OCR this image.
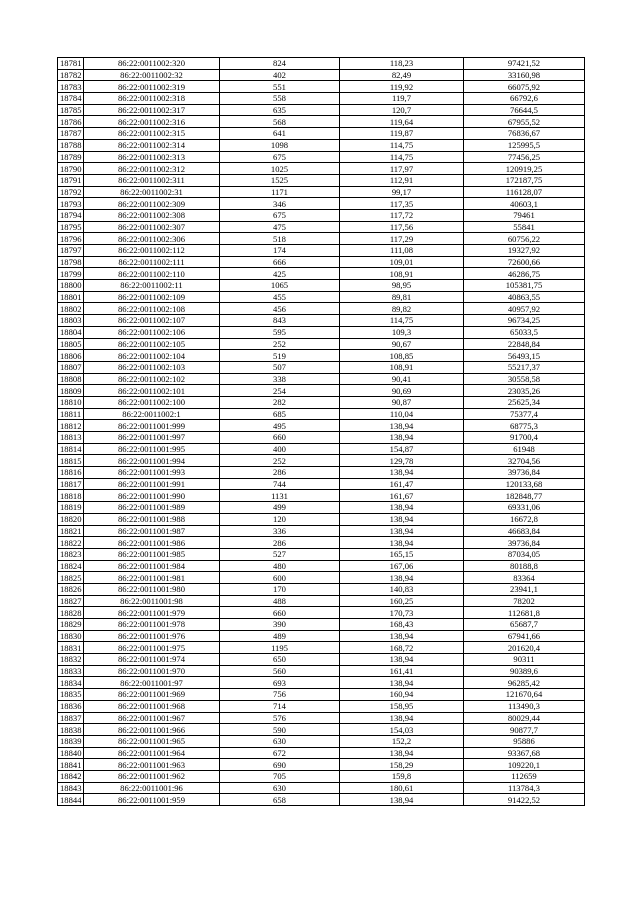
18781	86:22:0011002:320	824	118,23	97421,52
18782	86:22:0011002:32	402	82,49	33160,98
18783	86:22:0011002:319	551	119,92	66075,92
18784	86:22:0011002:318	558	119,7	66792,6
18785	86:22:0011002:317	635	120,7	76644,5
18786	86:22:0011002:316	568	119,64	67955,52
18787	86:22:0011002:315	641	119,87	76836,67
18788	86:22:0011002:314	1098	114,75	125995,5
18789	86:22:0011002:313	675	114,75	77456,25
18790	86:22:0011002:312	1025	117,97	120919,25
18791	86:22:0011002:311	1525	112,91	172187,75
18792	86:22:0011002:31	1171	99,17	116128,07
18793	86:22:0011002:309	346	117,35	40603,1
18794	86:22:0011002:308	675	117,72	79461
18795	86:22:0011002:307	475	117,56	55841
18796	86:22:0011002:306	518	117,29	60756,22
18797	86:22:0011002:112	174	111,08	19327,92
18798	86:22:0011002:111	666	109,01	72600,66
18799	86:22:0011002:110	425	108,91	46286,75
18800	86:22:0011002:11	1065	98,95	105381,75
18801	86:22:0011002:109	455	89,81	40863,55
18802	86:22:0011002:108	456	89,82	40957,92
18803	86:22:0011002:107	843	114,75	96734,25
18804	86:22:0011002:106	595	109,3	65033,5
18805	86:22:0011002:105	252	90,67	22848,84
18806	86:22:0011002:104	519	108,85	56493,15
18807	86:22:0011002:103	507	108,91	55217,37
18808	86:22:0011002:102	338	90,41	30558,58
18809	86:22:0011002:101	254	90,69	23035,26
18810	86:22:0011002:100	282	90,87	25625,34
18811	86:22:0011002:1	685	110,04	75377,4
18812	86:22:0011001:999	495	138,94	68775,3
18813	86:22:0011001:997	660	138,94	91700,4
18814	86:22:0011001:995	400	154,87	61948
18815	86:22:0011001:994	252	129,78	32704,56
18816	86:22:0011001:993	286	138,94	39736,84
18817	86:22:0011001:991	744	161,47	120133,68
18818	86:22:0011001:990	1131	161,67	182848,77
18819	86:22:0011001:989	499	138,94	69331,06
18820	86:22:0011001:988	120	138,94	16672,8
18821	86:22:0011001:987	336	138,94	46683,84
18822	86:22:0011001:986	286	138,94	39736,84
18823	86:22:0011001:985	527	165,15	87034,05
18824	86:22:0011001:984	480	167,06	80188,8
18825	86:22:0011001:981	600	138,94	83364
18826	86:22:0011001:980	170	140,83	23941,1
18827	86:22:0011001:98	488	160,25	78202
18828	86:22:0011001:979	660	170,73	112681,8
18829	86:22:0011001:978	390	168,43	65687,7
18830	86:22:0011001:976	489	138,94	67941,66
18831	86:22:0011001:975	1195	168,72	201620,4
18832	86:22:0011001:974	650	138,94	90311
18833	86:22:0011001:970	560	161,41	90389,6
18834	86:22:0011001:97	693	138,94	96285,42
18835	86:22:0011001:969	756	160,94	121670,64
18836	86:22:0011001:968	714	158,95	113490,3
18837	86:22:0011001:967	576	138,94	80029,44
18838	86:22:0011001:966	590	154,03	90877,7
18839	86:22:0011001:965	630	152,2	95886
18840	86:22:0011001:964	672	138,94	93367,68
18841	86:22:0011001:963	690	158,29	109220,1
18842	86:22:0011001:962	705	159,8	112659
18843	86:22:0011001:96	630	180,61	113784,3
18844	86:22:0011001:959	658	138,94	91422,52
